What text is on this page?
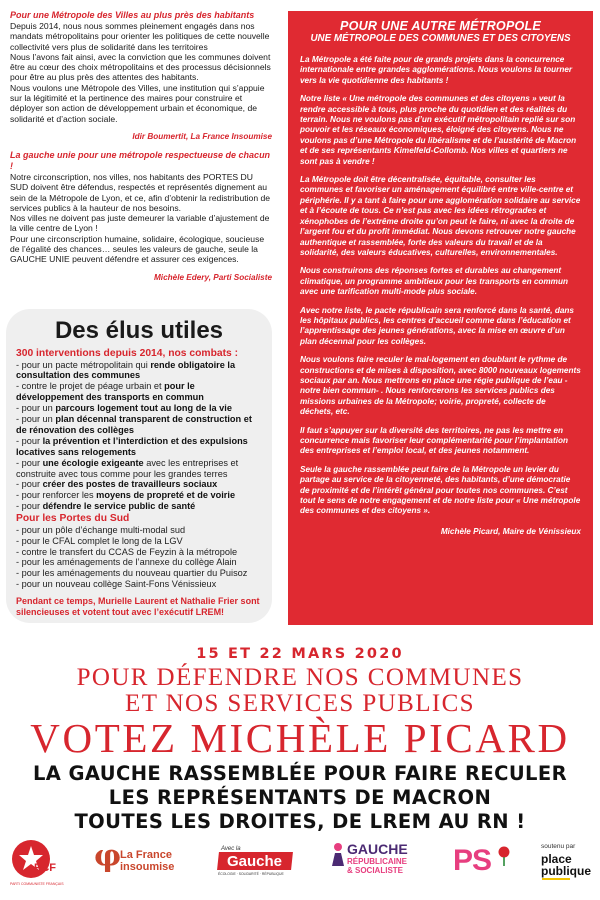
Pour une Métropole des Villes au plus près des habitants

Depuis 2014, nous nous sommes pleinement engagés dans nos mandats métropolitains pour orienter les politiques de cette nouvelle collectivité vers plus de solidarité dans les territoires

Nous l’avons fait ainsi, avec la conviction que les communes doivent être au cœur des choix métropolitains et des processus décisionnels pour être au plus près des attentes des habitants.

Nous voulons une Métropole des Villes, une institution qui s’appuie sur la légitimité et la pertinence des maires pour construire et déployer son action de développement urbain et économique, de solidarité et d’action sociale.

Idir Boumertit, La France Insoumise

La gauche unie pour une métropole respectueuse de chacun !

Notre circonscription, nos villes, nos habitants des PORTES DU SUD doivent être défendus, respectés et représentés dignement au sein de la Métropole de Lyon, et ce, afin d’obtenir la redistribution de services publics à la hauteur de nos besoins.

Nos villes ne doivent pas juste demeurer la variable d’ajustement de la ville centre de Lyon !

Pour une circonscription humaine, solidaire, écologique, soucieuse de l’égalité des chances… seules les valeurs de gauche, seule la GAUCHE UNIE peuvent défendre et assurer ces exigences.

Michèle Edery, Parti Socialiste

Des élus utiles

300 interventions depuis 2014, nos combats :

- pour un pacte métropolitain qui rende obligatoire la consultation des communes

- contre le projet de péage urbain et pour le développement des transports en commun

- pour un parcours logement tout au long de la vie

- pour un plan décennal transparent de construction et de rénovation des collèges

- pour la prévention et l’interdiction et des expulsions locatives sans relogements

- pour une écologie exigeante avec les entreprises et construite avec tous comme pour les grandes terres

- pour créer des postes de travailleurs sociaux

- pour renforcer les moyens de propreté et de voirie

- pour défendre le service public de santé

Pour les Portes du Sud

- pour un pôle d’échange multi-modal sud

- pour le CFAL complet le long de la LGV

- contre le transfert du CCAS de Feyzin à la métropole

- pour les aménagements de l’annexe du collège Alain

- pour les aménagements du nouveau quartier du Puisoz

- pour un nouveau collège Saint-Fons Vénissieux

Pendant ce temps, Murielle Laurent et Nathalie Frier sont silencieuses et votent tout avec l’exécutif LREM!

POUR UNE AUTRE MÉTROPOLE

UNE MÉTROPOLE DES COMMUNES ET DES CITOYENS

La Métropole a été faite pour de grands projets dans la concurrence internationale entre grandes agglomérations. Nous voulons la tourner vers la vie quotidienne des habitants !

Notre liste « Une métropole des communes et des citoyens » veut la rendre accessible à tous, plus proche du quotidien et des réalités du terrain. Nous ne voulons pas d’un exécutif métropolitain replié sur son pouvoir et les réseaux économiques, éloigné des citoyens. Nous ne voulons pas d’une Métropole du libéralisme et de l’austérité de Macron et de ses représentants Kimelfeld-Collomb. Nos villes et quartiers ne sont pas à vendre !

La Métropole doit être décentralisée, équitable, consulter les communes et favoriser un aménagement équilibré entre ville-centre et périphérie. Il y a tant à faire pour une agglomération solidaire au service et à l’écoute de tous. Ce n’est pas avec les idées rétrogrades et xénophobes de l’extrême droite qu’on peut le faire, ni avec la droite de l’argent fou et du profit immédiat. Nous devons retrouver notre gauche authentique et rassemblée, forte des valeurs du travail et de la solidarité, des valeurs éducatives, culturelles, environnementales.

Nous construirons des réponses fortes et durables au changement climatique, un programme ambitieux pour les transports en commun avec une tarification multi-mode plus sociale.

Avec notre liste, le pacte républicain sera renforcé dans la santé, dans les hôpitaux publics, les centres d’accueil comme dans l’éducation et l’apprentissage des jeunes générations, avec la mise en œuvre d’un plan décennal pour les collèges.

Nous voulons faire reculer le mal-logement en doublant le rythme de constructions et de mises à disposition, avec 8000 nouveaux logements sociaux par an. Nous mettrons en place une régie publique de l’eau -notre bien commun- . Nous renforcerons les services publics des missions urbaines de la Métropole; voirie, propreté, collecte de déchets, etc.

Il faut s’appuyer sur la diversité des territoires, ne pas les mettre en concurrence mais favoriser leur complémentarité pour l’implantation des entreprises et l’emploi local, et des jeunes notamment.

Seule la gauche rassemblée peut faire de la Métropole un levier du partage au service de la citoyenneté, des habitants, d’une démocratie de proximité et de l’intérêt général pour toutes nos communes. C’est tout le sens de notre engagement et de notre liste pour « Une métropole des communes et des citoyens ».

Michèle Picard, Maire de Vénissieux

15 ET 22 MARS 2020

POUR DÉFENDRE NOS COMMUNES

ET NOS SERVICES PUBLICS

VOTEZ MICHÈLE PICARD

LA GAUCHE RASSEMBLÉE POUR FAIRE RECULER

LES REPRÉSENTANTS DE MACRON

TOUTES LES DROITES, DE LREM AU RN !

PCF
PARTI COMMUNISTE FRANÇAIS
φ
La France
insoumise
Avec la
Gauche
ÉCOLOGIE · SOLIDARITÉ · RÉPUBLIQUE
GAUCHE
RÉPUBLICAINE
& SOCIALISTE PS	soutenu par
place
publique
